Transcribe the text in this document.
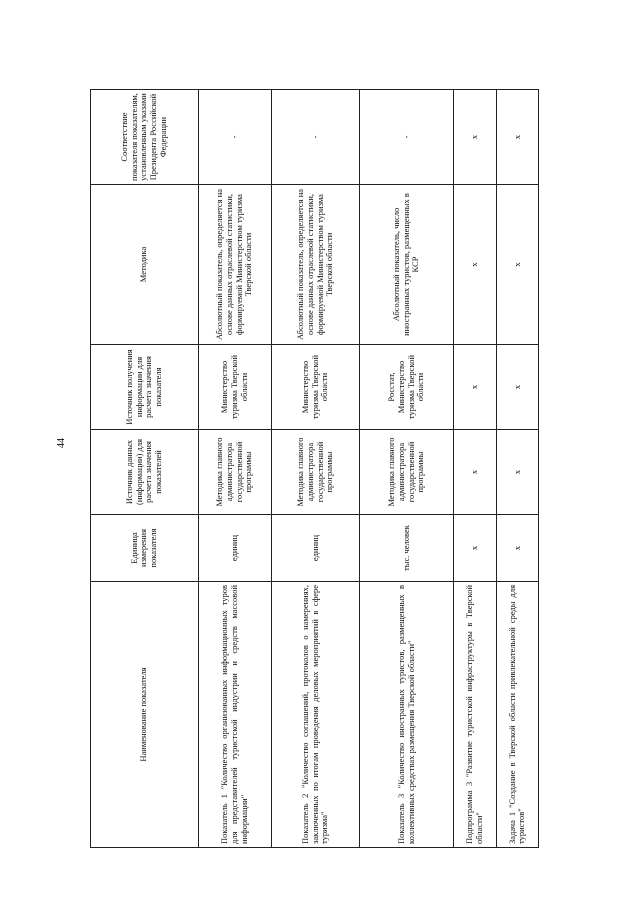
44
Наименование показателя	Единица измерения показателя	Источник данных (информации) для расчета значения показателей	Источник получения информации для расчета значения показателя	Методика	Соответствие показателя показателям, установленным указами Президента Российской Федерации
Показатель 1 "Количество организованных информационных туров для представителей туристской индустрии и средств массовой информации"	единиц	Методика главного администратора государственной программы	Министерство туризма Тверской области	Абсолютный показатель, определяется на основе данных отраслевой статистики, формируемой Министерством туризма Тверской области	-
Показатель 2 "Количество соглашений, протоколов о намерениях, заключенных по итогам проведения деловых мероприятий в сфере туризма"	единиц	Методика главного администратора государственной программы	Министерство туризма Тверской области	Абсолютный показатель, определяется на основе данных отраслевой статистики, формируемой Министерством туризма Тверской области	-
Показатель 3 "Количество иностранных туристов, размещенных в коллективных средствах размещения Тверской области"	тыс. человек	Методика главного администратора государственной программы	Росстат, Министерство туризма Тверской области	Абсолютный показатель, число иностранных туристов, размещенных в КСР	-
Подпрограмма 3 "Развитие туристской инфраструктуры в Тверской области"	x	x	x	x	x
Задача 1 "Создание в Тверской области привлекательной среды для туристов"	x	x	x	x	x
